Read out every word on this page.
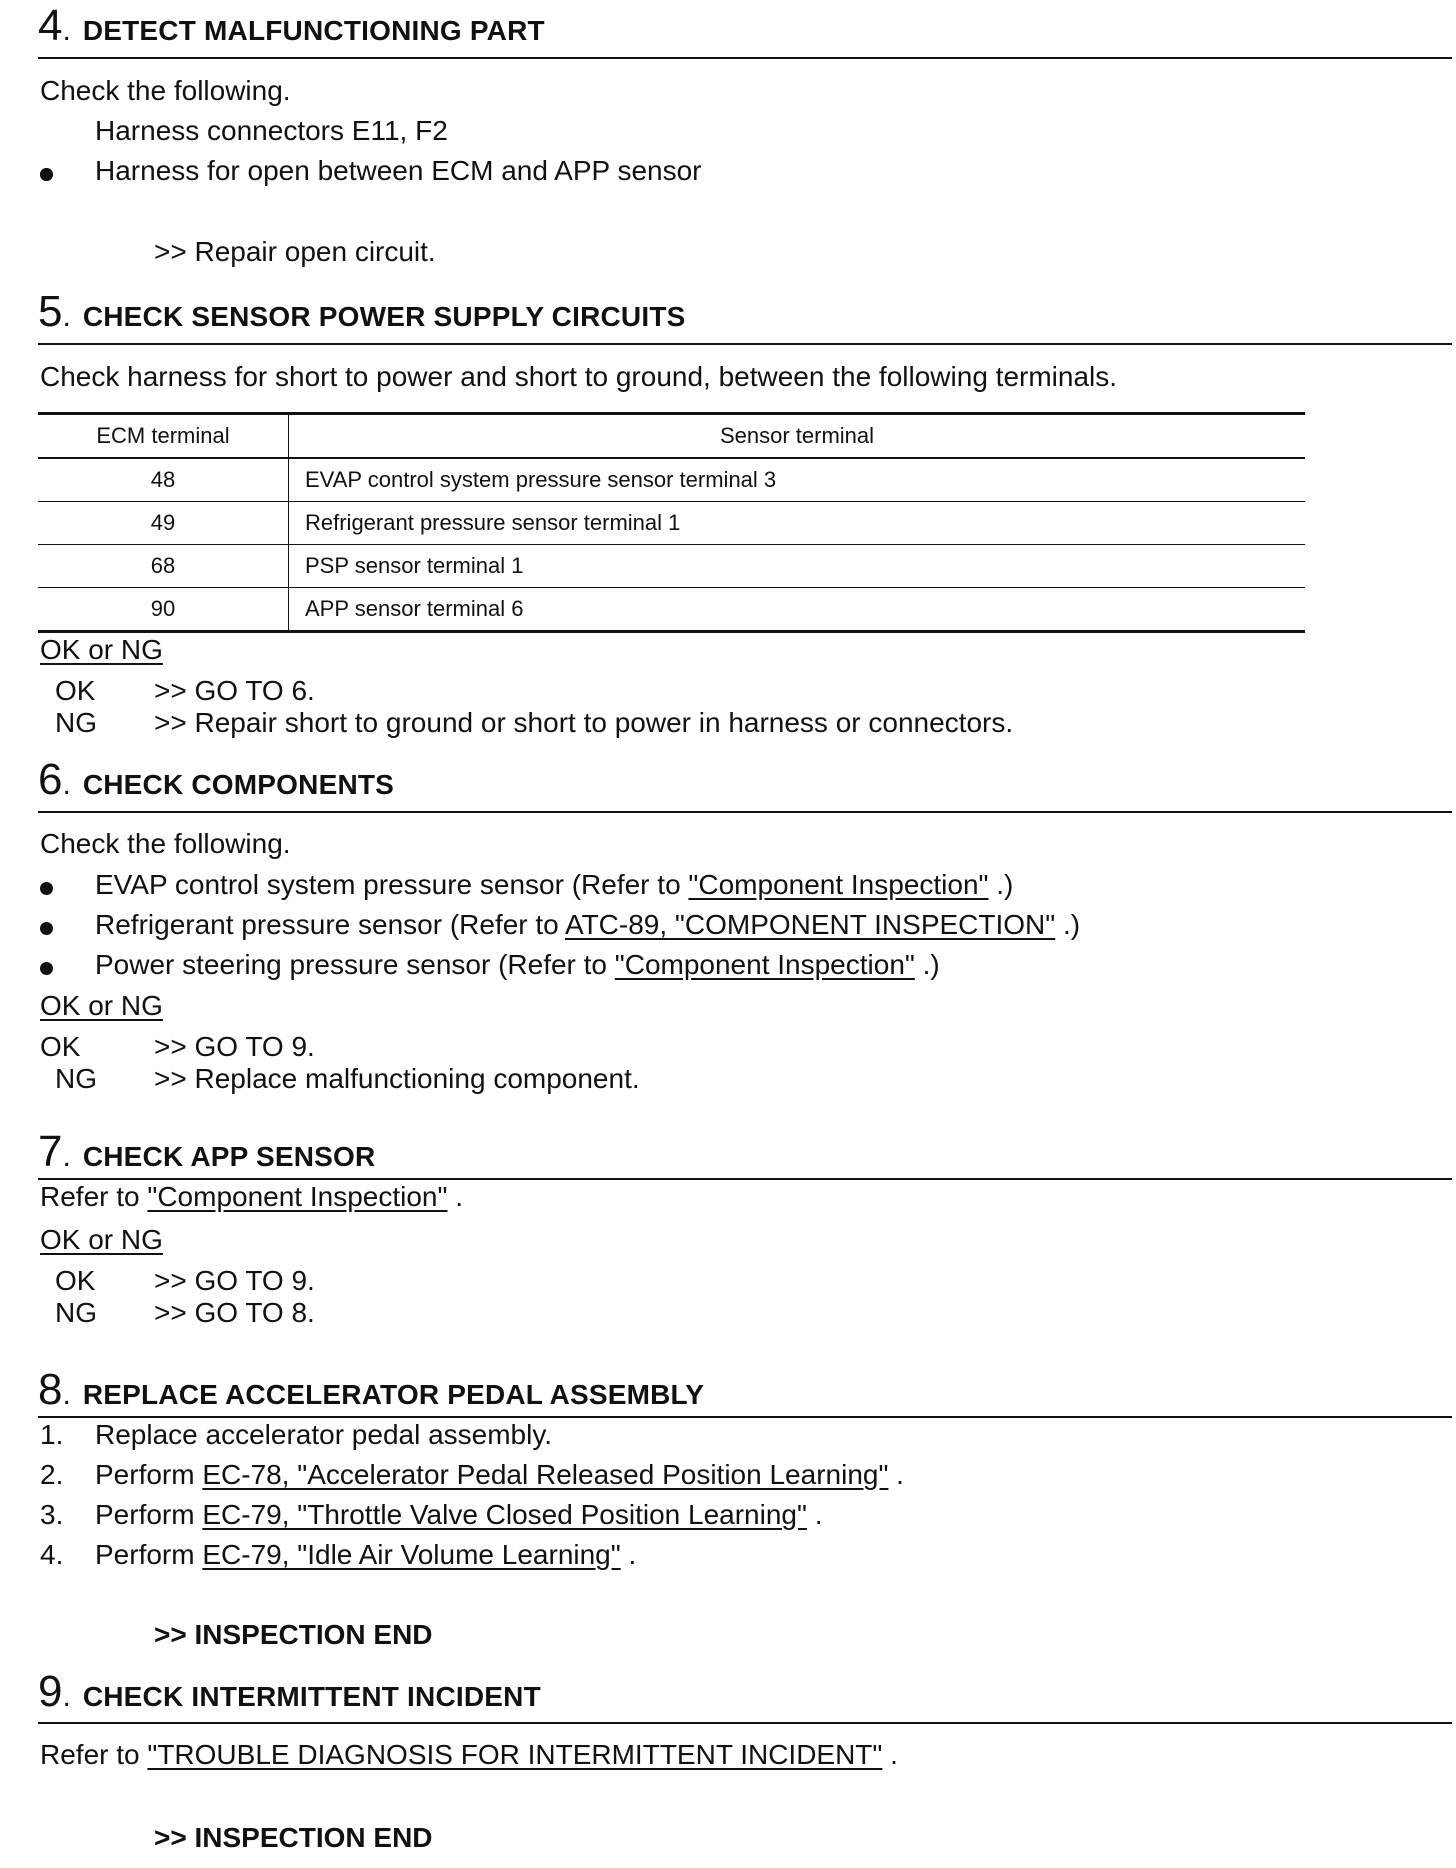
4 . DETECT MALFUNCTIONING PART
Check the following.
Harness connectors E11, F2
Harness for open between ECM and APP sensor
>> Repair open circuit.
5 . CHECK SENSOR POWER SUPPLY CIRCUITS
Check harness for short to power and short to ground, between the following terminals.
ECM terminal	Sensor terminal
48	EVAP control system pressure sensor terminal 3
49	Refrigerant pressure sensor terminal 1
68	PSP sensor terminal 1
90	APP sensor terminal 6
OK or NG
OK >> GO TO 6.
NG >> Repair short to ground or short to power in harness or connectors.
6 . CHECK COMPONENTS
Check the following.
EVAP control system pressure sensor (Refer to "Component Inspection" .)
Refrigerant pressure sensor (Refer to ATC-89, "COMPONENT INSPECTION" .)
Power steering pressure sensor (Refer to "Component Inspection" .)
OK or NG
OK	>> GO TO 9.
NG >> Replace malfunctioning component.
7 . CHECK APP SENSOR
Refer to "Component Inspection" .
OK or NG
OK >> GO TO 9.
NG >> GO TO 8.
8 . REPLACE ACCELERATOR PEDAL ASSEMBLY
1. Replace accelerator pedal assembly.
2. Perform EC-78, "Accelerator Pedal Released Position Learning" .
3. Perform EC-79, "Throttle Valve Closed Position Learning" .
4. Perform EC-79, "Idle Air Volume Learning" .
>> INSPECTION END
9 . CHECK INTERMITTENT INCIDENT
Refer to "TROUBLE DIAGNOSIS FOR INTERMITTENT INCIDENT" .
>> INSPECTION END
